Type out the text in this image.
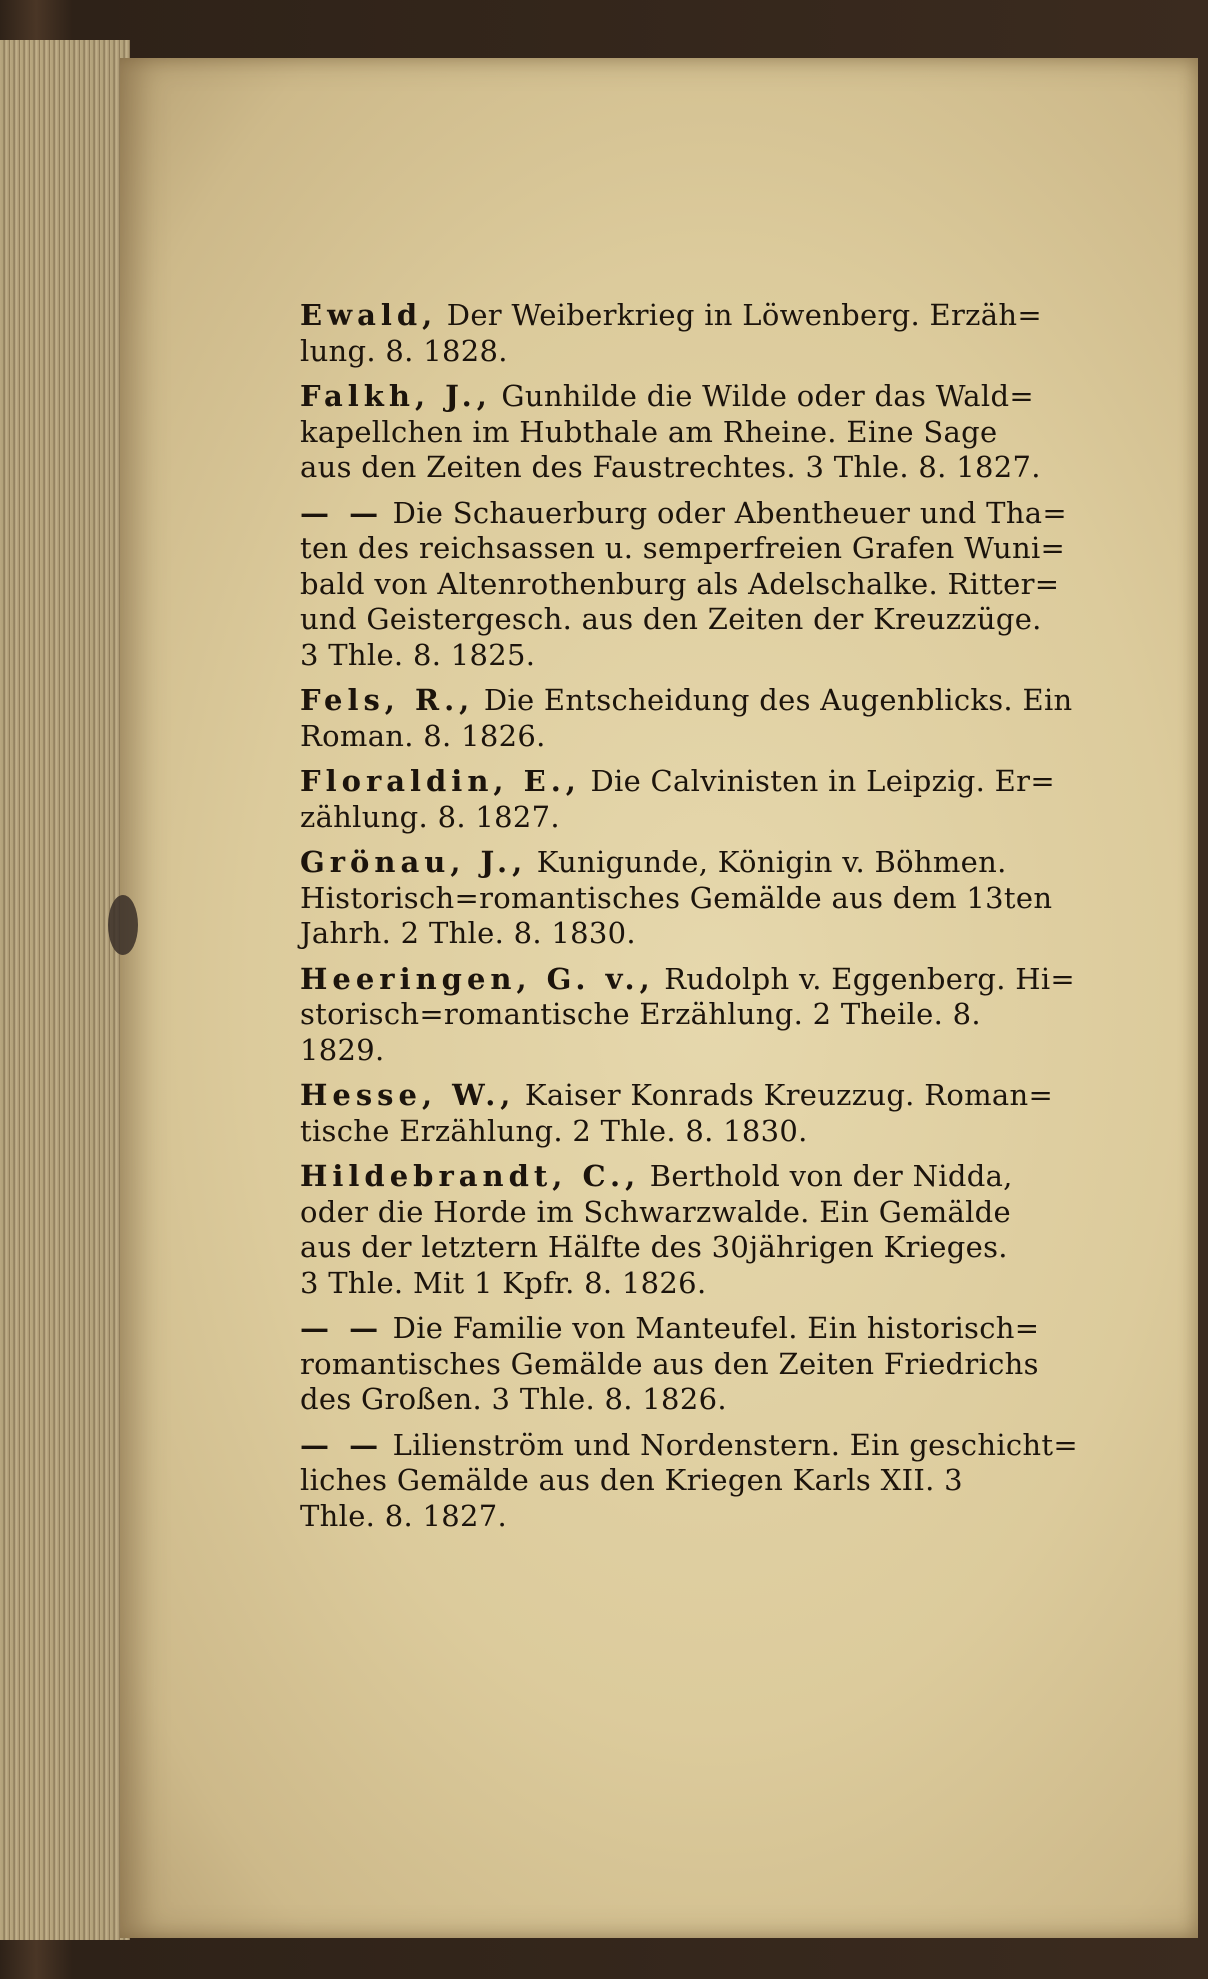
Ewald, Der Weiberkrieg in Löwenberg. Erzäh=

lung. 8. 1828.

Falkh, J., Gunhilde die Wilde oder das Wald=

kapellchen im Hubthale am Rheine. Eine Sage

aus den Zeiten des Faustrechtes. 3 Thle. 8. 1827.

— — Die Schauerburg oder Abentheuer und Tha=

ten des reichsassen u. semperfreien Grafen Wuni=

bald von Altenrothenburg als Adelschalke. Ritter=

und Geistergesch. aus den Zeiten der Kreuzzüge.

3 Thle. 8. 1825.

Fels, R., Die Entscheidung des Augenblicks. Ein

Roman. 8. 1826.

Floraldin, E., Die Calvinisten in Leipzig. Er=

zählung. 8. 1827.

Grönau, J., Kunigunde, Königin v. Böhmen.

Historisch=romantisches Gemälde aus dem 13ten

Jahrh. 2 Thle. 8. 1830.

Heeringen, G. v., Rudolph v. Eggenberg. Hi=

storisch=romantische Erzählung. 2 Theile. 8.

1829.

Hesse, W., Kaiser Konrads Kreuzzug. Roman=

tische Erzählung. 2 Thle. 8. 1830.

Hildebrandt, C., Berthold von der Nidda,

oder die Horde im Schwarzwalde. Ein Gemälde

aus der letztern Hälfte des 30jährigen Krieges.

3 Thle. Mit 1 Kpfr. 8. 1826.

— — Die Familie von Manteufel. Ein historisch=

romantisches Gemälde aus den Zeiten Friedrichs

des Großen. 3 Thle. 8. 1826.

— — Lilienström und Nordenstern. Ein geschicht=

liches Gemälde aus den Kriegen Karls XII. 3

Thle. 8. 1827.
